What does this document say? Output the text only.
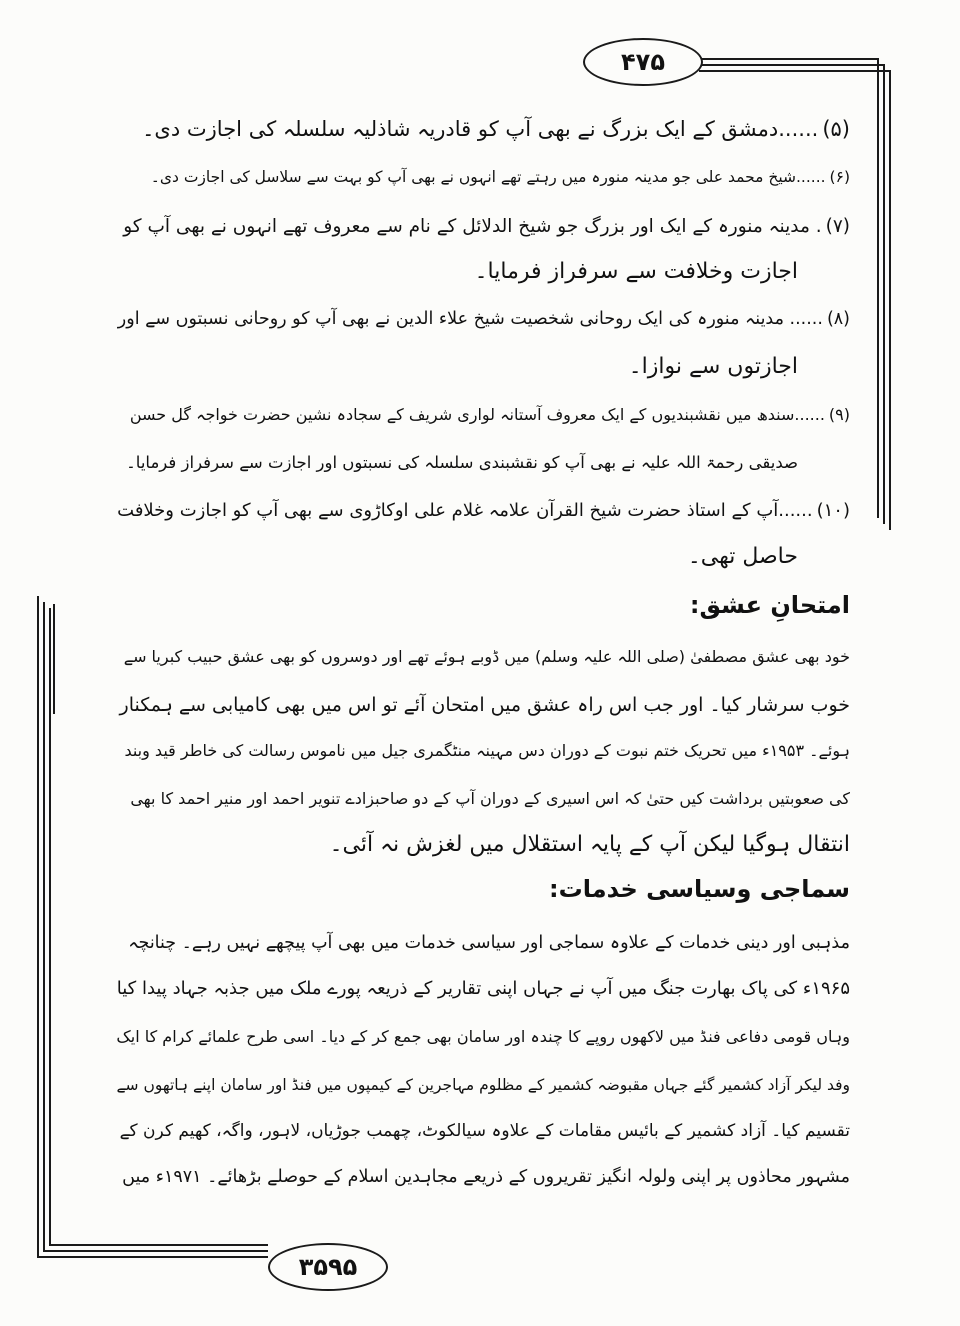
۴۷۵
۳۵۹۵
(۵)......دمشق کے ایک بزرگ نے بھی آپ کو قادریہ شاذلیہ سلسلہ کی اجازت دی۔
(۶)......شیخ محمد علی جو مدینہ منورہ میں رہتے تھے انہوں نے بھی آپ کو بہت سے سلاسل کی اجازت دی۔
(۷). مدینہ منورہ کے ایک اور بزرگ جو شیخ الدلائل کے نام سے معروف تھے انہوں نے بھی آپ کو
اجازت وخلافت سے سرفراز فرمایا۔
(۸)...... مدینہ منورہ کی ایک روحانی شخصیت شیخ علاء الدین نے بھی آپ کو روحانی نسبتوں سے اور
اجازتوں سے نوازا۔
(۹)......سندھ میں نقشبندیوں کے ایک معروف آستانہ لواری شریف کے سجادہ نشین حضرت خواجہ گل حسن
صدیقی رحمۃ اللہ علیہ نے بھی آپ کو نقشبندی سلسلہ کی نسبتوں اور اجازت سے سرفراز فرمایا۔
(۱۰)......آپ کے استاذ حضرت شیخ القرآن علامہ غلام علی اوکاڑوی سے بھی آپ کو اجازت وخلافت
حاصل تھی۔
امتحانِ عشق:
خود بھی عشق مصطفیٰ (صلی اللہ علیہ وسلم) میں ڈوبے ہوئے تھے اور دوسروں کو بھی عشق حبیب کبریا سے
خوب سرشار کیا۔ اور جب اس راہ عشق میں امتحان آئے تو اس میں بھی کامیابی سے ہمکنار
ہوئے۔ ۱۹۵۳ء میں تحریک ختم نبوت کے دوران دس مہینہ منٹگمری جیل میں ناموس رسالت کی خاطر قید وبند
کی صعوبتیں برداشت کیں حتیٰ کہ اس اسیری کے دوران آپ کے دو صاحبزادے تنویر احمد اور منیر احمد کا بھی
انتقال ہوگیا لیکن آپ کے پایہ استقلال میں لغزش نہ آئی۔
سماجی وسیاسی خدمات:
مذہبی اور دینی خدمات کے علاوہ سماجی اور سیاسی خدمات میں بھی آپ پیچھے نہیں رہے۔ چنانچہ
۱۹۶۵ء کی پاک بھارت جنگ میں آپ نے جہاں اپنی تقاریر کے ذریعہ پورے ملک میں جذبہ جہاد پیدا کیا
وہاں قومی دفاعی فنڈ میں لاکھوں روپے کا چندہ اور سامان بھی جمع کر کے دیا۔ اسی طرح علمائے کرام کا ایک
وفد لیکر آزاد کشمیر گئے جہاں مقبوضہ کشمیر کے مظلوم مہاجرین کے کیمپوں میں فنڈ اور سامان اپنے ہاتھوں سے
تقسیم کیا۔ آزاد کشمیر کے بائیس مقامات کے علاوہ سیالکوٹ، چھمب جوڑیاں، لاہور، واگہ، کھیم کرن کے
مشہور محاذوں پر اپنی ولولہ انگیز تقریروں کے ذریعے مجاہدین اسلام کے حوصلے بڑھائے۔ ۱۹۷۱ء میں
